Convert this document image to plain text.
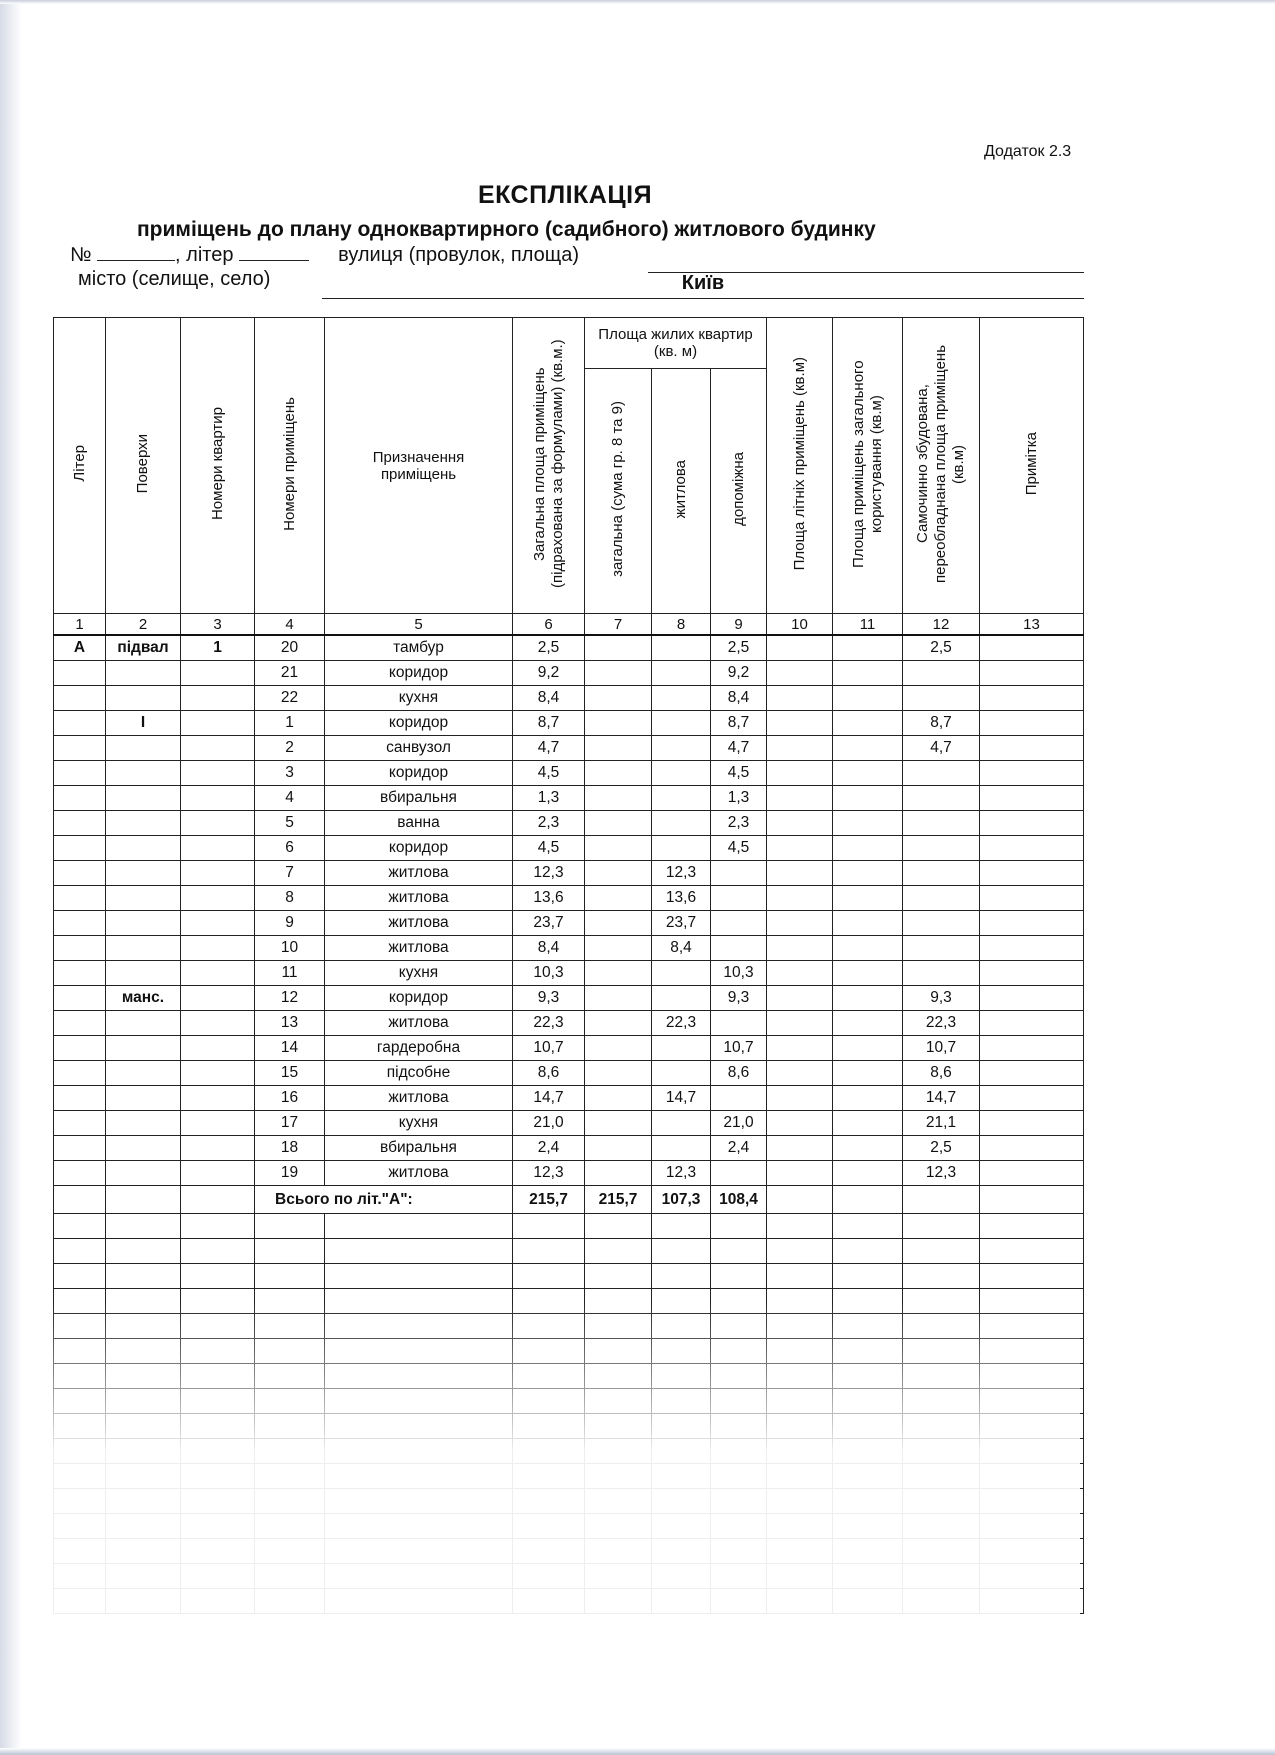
Додаток 2.3
ЕКСПЛІКАЦІЯ
приміщень до плану одноквартирного (садибного) житлового будинку
№	, літер	вулиця (провулок, площа)
місто (селище, село)	Київ
Літер	Поверхи	Номери квартир	Номери приміщень	Призначення приміщень	Загальна площа приміщень (підрахована за формулами) (кв.м.)	Площа жилих квартир (кв. м)			Площа літніх приміщень (кв.м)	Площа приміщень загального користування (кв.м)	Самочинно збудована, переобладнана площа приміщень (кв.м)	Примітка
						загальна (сума гр. 8 та 9)	житлова	допоміжна				
1	2	3	4	5	6	7	8	9	10	11	12	13
А	підвал	1	20	тамбур	2,5			2,5			2,5	
			21	коридор	9,2			9,2				
			22	кухня	8,4			8,4				
	І		1	коридор	8,7			8,7			8,7	
			2	санвузол	4,7			4,7			4,7	
			3	коридор	4,5			4,5				
			4	вбиральня	1,3			1,3				
			5	ванна	2,3			2,3				
			6	коридор	4,5			4,5				
			7	житлова	12,3		12,3					
			8	житлова	13,6		13,6					
			9	житлова	23,7		23,7					
			10	житлова	8,4		8,4					
			11	кухня	10,3			10,3				
	манс.		12	коридор	9,3			9,3			9,3	
			13	житлова	22,3		22,3				22,3	
			14	гардеробна	10,7			10,7			10,7	
			15	підсобне	8,6			8,6			8,6	
			16	житлова	14,7		14,7				14,7	
			17	кухня	21,0			21,0			21,1	
			18	вбиральня	2,4			2,4			2,5	
			19	житлова	12,3		12,3				12,3	
			Всього по літ."А":		215,7	215,7	107,3	108,4				
